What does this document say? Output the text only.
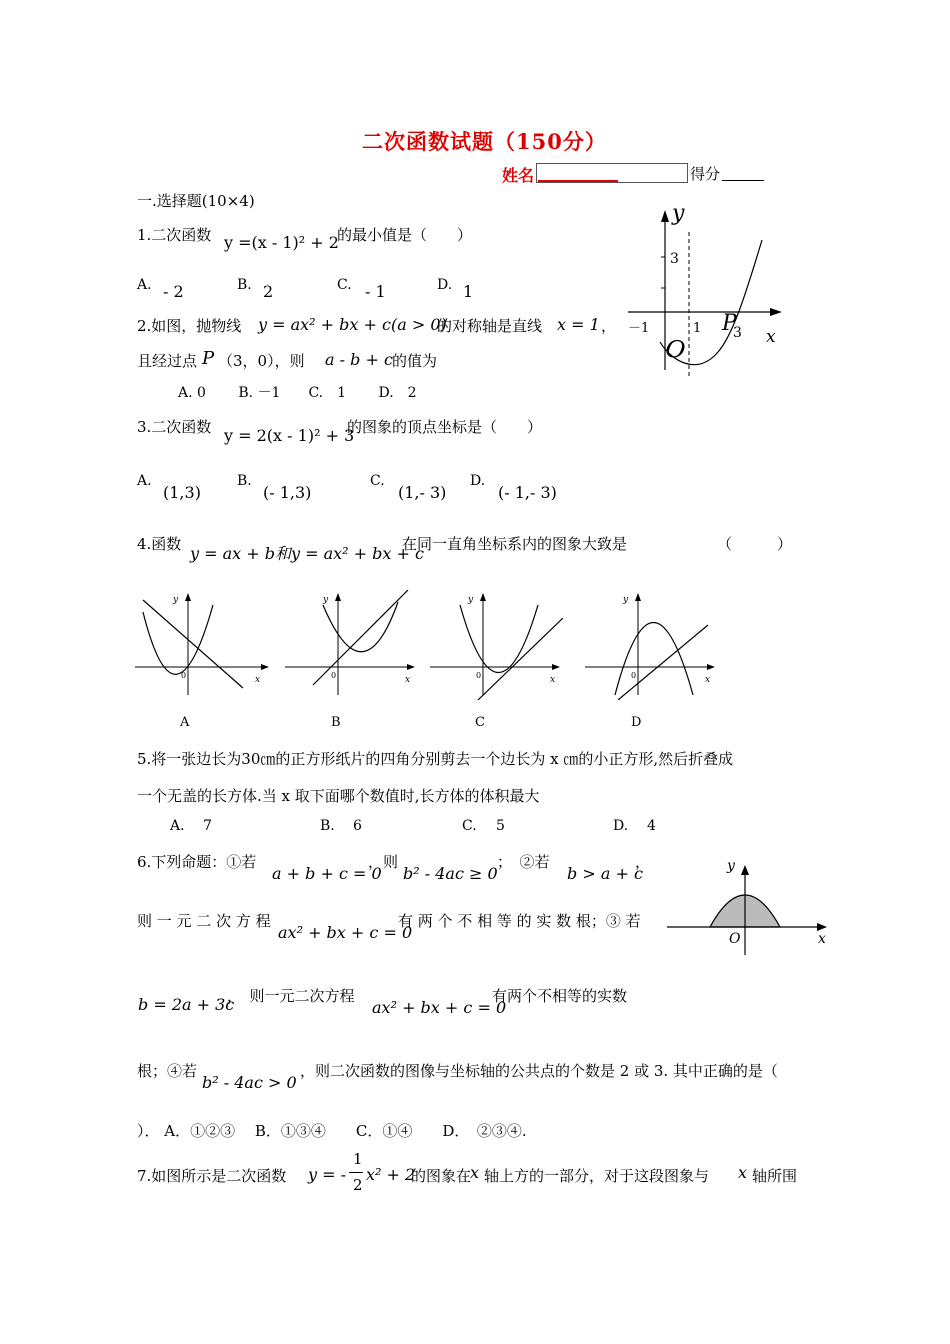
二次函数试题（150分）
姓名	得分
一.选择题(10×4)
1.二次函数 y =(x - 1)² + 2
的最小值是（　　）
A. - 2	B. 2	C. - 1	D. 1
y
3
－1	1 3 x
O
P
2.如图，抛物线 y = ax² + bx + c(a > 0)
的对称轴是直线 x = 1 ，
且经过点 P （3，0），则 a - b + c 的值为
A. 0　　 B. －1　　C.　1　　 D.　2
3.二次函数 y = 2(x - 1)² + 3
的图象的顶点坐标是（　　）
A.
(1,3)
B.
(- 1,3)
C.
(1,- 3)
D.
(- 1,- 3)
4.函数 y = ax + b和y = ax² + bx + c
在同一直角坐标系内的图象大致是	（　　　）
y
x
0
A
y
x
0
B
y
x
0
C
y
x
0
D
5.将一张边长为30㎝的正方形纸片的四角分别剪去一个边长为 x ㎝的小正方形,然后折叠成
一个无盖的长方体.当 x 取下面哪个数值时,长方体的体积最大
A. 7	B. 6	C. 5	D. 4
6.下列命题：①若
a + b + c = 0
，则
b² - 4ac ≥ 0
；　②若
b > a + c
，
则 一 元 二 次 方 程
ax² + bx + c = 0
有 两 个 不 相 等 的 实 数 根；③ 若
y
O	x
b = 2a + 3c
，　则一元二次方程
ax² + bx + c = 0
有两个不相等的实数
根；④若
b² - 4ac > 0
，则二次函数的图像与坐标轴的公共点的个数是 2 或 3. 其中正确的是（
）． A．①②③　 B．①③④　　C．①④　　D．　②③④.
7.如图所示是二次函数 y = -
1
2
x² + 2
的图象在
x 轴上方的一部分，对于这段图象与 x 轴所围
